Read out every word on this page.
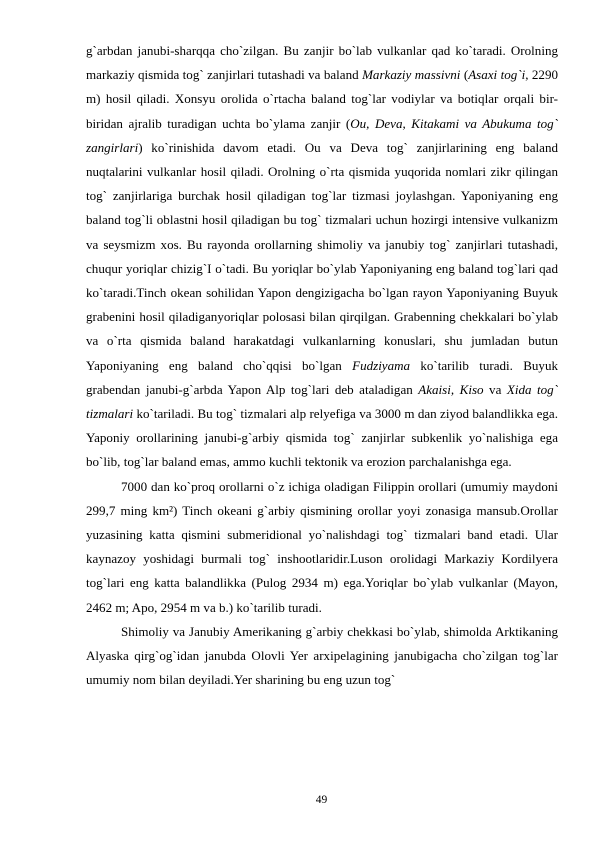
g`arbdan janubi-sharqqa cho`zilgan. Bu zanjir bo`lab vulkanlar qad ko`taradi. Orolning markaziy qismida tog` zanjirlari tutashadi va baland Markaziy massivni (Asaxi tog`i, 2290 m) hosil qiladi. Xonsyu orolida o`rtacha baland tog`lar vodiylar va botiqlar orqali bir-biridan ajralib turadigan uchta bo`ylama zanjir (Ou, Deva, Kitakami va Abukuma tog` zangirlari) ko`rinishida davom etadi. Ou va Deva tog` zanjirlarining eng baland nuqtalarini vulkanlar hosil qiladi. Orolning o`rta qismida yuqorida nomlari zikr qilingan tog` zanjirlariga burchak hosil qiladigan tog`lar tizmasi joylashgan. Yaponiyaning eng baland tog`li oblastni hosil qiladigan bu tog` tizmalari uchun hozirgi intensive vulkanizm va seysmizm xos. Bu rayonda orollarning shimoliy va janubiy tog` zanjirlari tutashadi, chuqur yoriqlar chizig`I o`tadi. Bu yoriqlar bo`ylab Yaponiyaning eng baland tog`lari qad ko`taradi.Tinch okean sohilidan Yapon dengizigacha bo`lgan rayon Yaponiyaning Buyuk grabenini hosil qiladiganyoriqlar polosasi bilan qirqilgan. Grabenning chekkalari bo`ylab va o`rta qismida baland harakatdagi vulkanlarning konuslari, shu jumladan butun Yaponiyaning eng baland cho`qqisi bo`lgan Fudziyama ko`tarilib turadi. Buyuk grabendan janubi-g`arbda Yapon Alp tog`lari deb ataladigan Akaisi, Kiso va Xida tog` tizmalari ko`tariladi. Bu tog` tizmalari alp relyefiga va 3000 m dan ziyod balandlikka ega. Yaponiy orollarining janubi-g`arbiy qismida tog` zanjirlar subkenlik yo`nalishiga ega bo`lib, tog`lar baland emas, ammo kuchli tektonik va erozion parchalanishga ega.

7000 dan ko`proq orollarni o`z ichiga oladigan Filippin orollari (umumiy maydoni 299,7 ming km²) Tinch okeani g`arbiy qismining orollar yoyi zonasiga mansub.Orollar yuzasining katta qismini submeridional yo`nalishdagi tog` tizmalari band etadi. Ular kaynazoy yoshidagi burmali tog` inshootlaridir.Luson orolidagi Markaziy Kordilyera tog`lari eng katta balandlikka (Pulog 2934 m) ega.Yoriqlar bo`ylab vulkanlar (Mayon, 2462 m; Apo, 2954 m va b.) ko`tarilib turadi.

Shimoliy va Janubiy Amerikaning g`arbiy chekkasi bo`ylab, shimolda Arktikaning Alyaska qirg`og`idan janubda Olovli Yer arxipelagining janubigacha cho`zilgan tog`lar umumiy nom bilan deyiladi.Yer sharining bu eng uzun tog`

49
